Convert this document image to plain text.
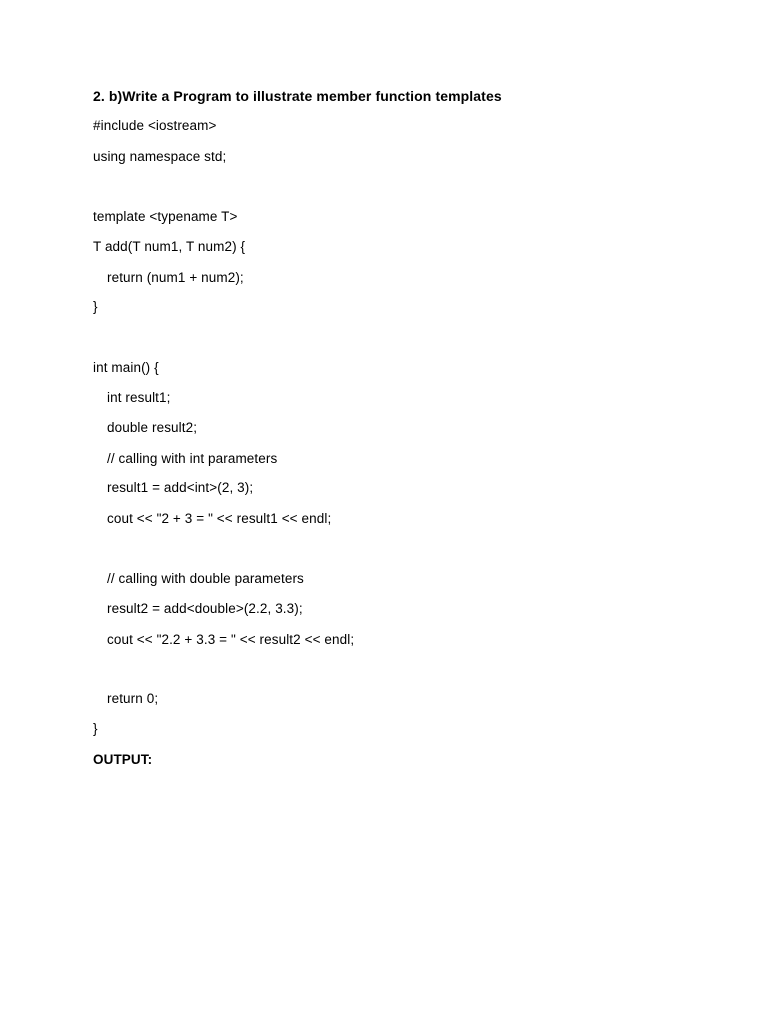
2. b)Write a Program to illustrate member function templates
#include <iostream>
using namespace std;
template <typename T>
T add(T num1, T num2) {
return (num1 + num2);
}
int main() {
int result1;
double result2;
// calling with int parameters
result1 = add<int>(2, 3);
cout << "2 + 3 = " << result1 << endl;
// calling with double parameters
result2 = add<double>(2.2, 3.3);
cout << "2.2 + 3.3 = " << result2 << endl;
return 0;
}
OUTPUT:
